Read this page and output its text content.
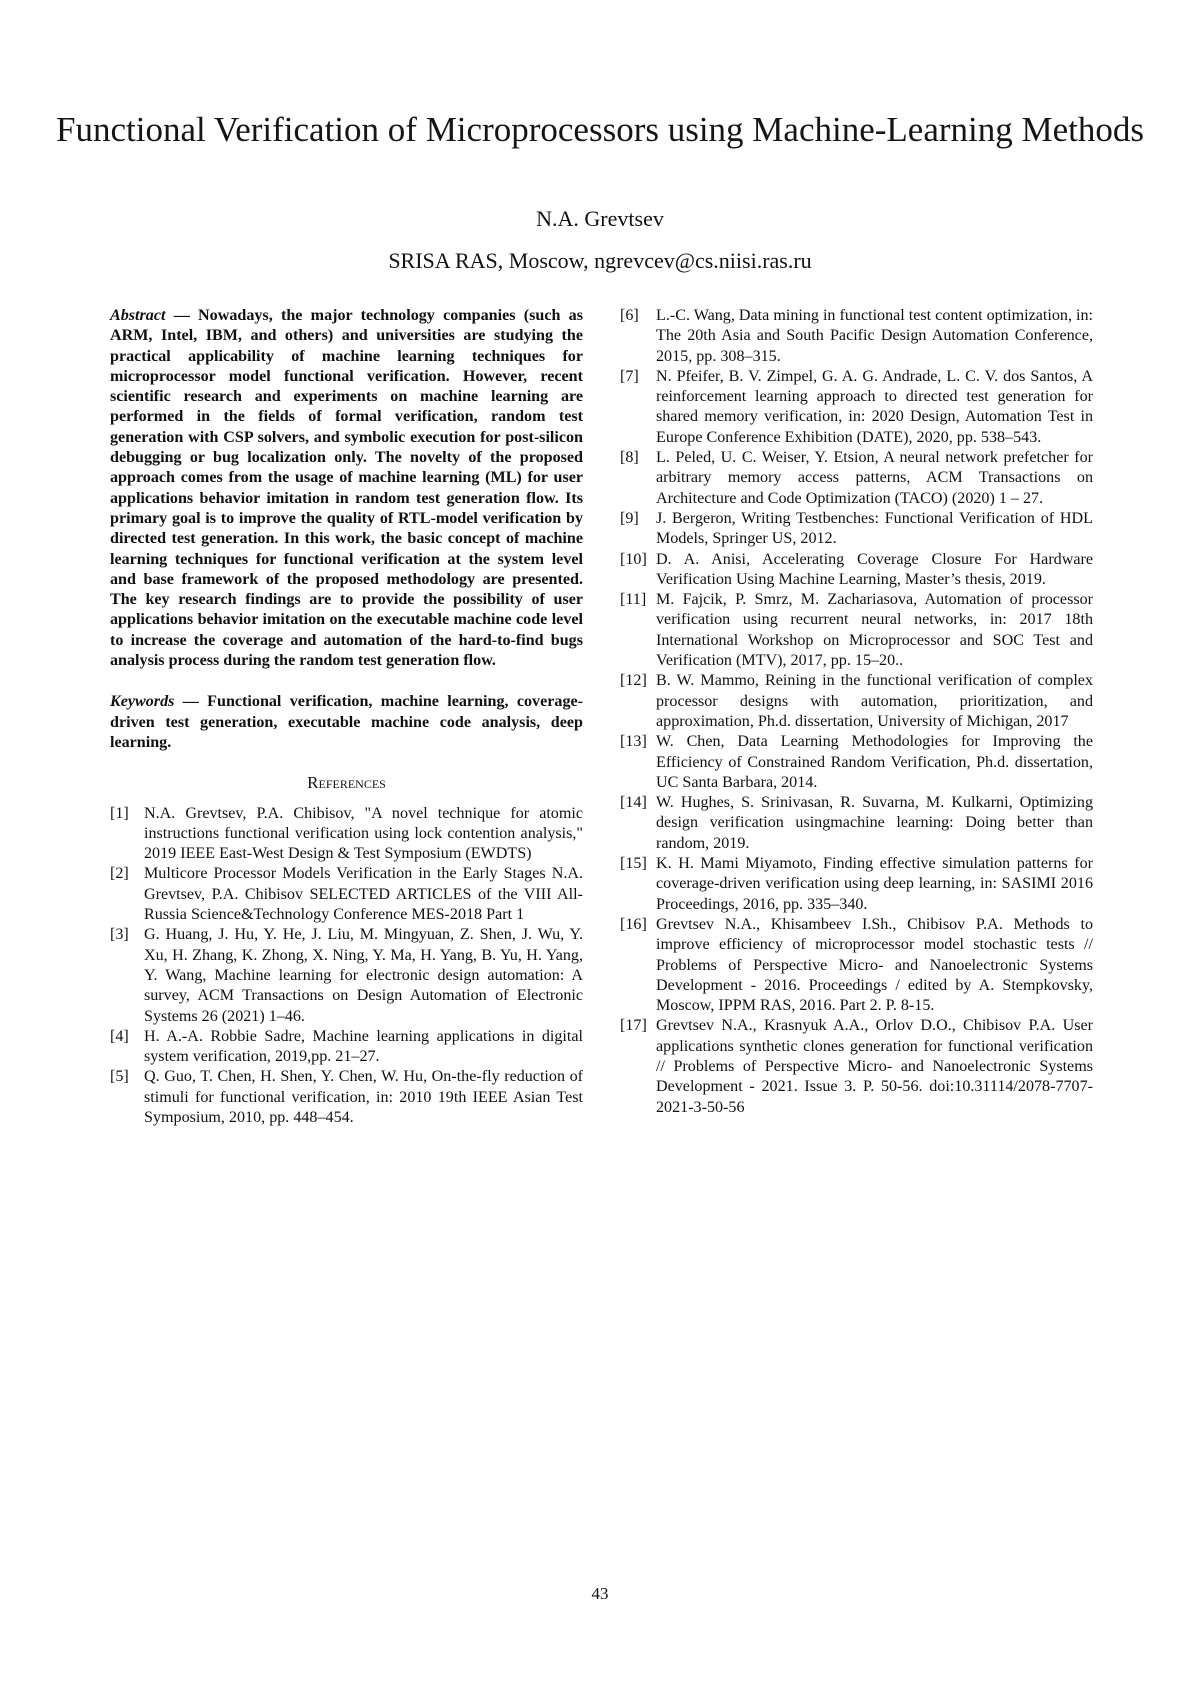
Functional Verification of Microprocessors using Machine-Learning Methods
N.A. Grevtsev
SRISA RAS, Moscow, ngrevcev@cs.niisi.ras.ru

Abstract — Nowadays, the major technology companies (such as ARM, Intel, IBM, and others) and universities are studying the practical applicability of machine learning techniques for microprocessor model functional verification. However, recent scientific research and experiments on machine learning are performed in the fields of formal verification, random test generation with CSP solvers, and symbolic execution for post-silicon debugging or bug localization only. The novelty of the proposed approach comes from the usage of machine learning (ML) for user applications behavior imitation in random test generation flow. Its primary goal is to improve the quality of RTL-model verification by directed test generation. In this work, the basic concept of machine learning techniques for functional verification at the system level and base framework of the proposed methodology are presented. The key research findings are to provide the possibility of user applications behavior imitation on the executable machine code level to increase the coverage and automation of the hard-to-find bugs analysis process during the random test generation flow.

Keywords — Functional verification, machine learning, coverage-driven test generation, executable machine code analysis, deep learning.

References
[1] N.A. Grevtsev, P.A. Chibisov, "A novel technique for atomic instructions functional verification using lock contention analysis," 2019 IEEE East-West Design & Test Symposium (EWDTS)
[2] Multicore Processor Models Verification in the Early Stages N.A. Grevtsev, P.A. Chibisov SELECTED ARTICLES of the VIII All-Russia Science&Technology Conference MES-2018 Part 1
[3] G. Huang, J. Hu, Y. He, J. Liu, M. Mingyuan, Z. Shen, J. Wu, Y. Xu, H. Zhang, K. Zhong, X. Ning, Y. Ma, H. Yang, B. Yu, H. Yang, Y. Wang, Machine learning for electronic design automation: A survey, ACM Transactions on Design Automation of Electronic Systems 26 (2021) 1–46.
[4] H. A.-A. Robbie Sadre, Machine learning applications in digital system verification, 2019,pp. 21–27.
[5] Q. Guo, T. Chen, H. Shen, Y. Chen, W. Hu, On-the-fly reduction of stimuli for functional verification, in: 2010 19th IEEE Asian Test Symposium, 2010, pp. 448–454.
[6]	L.-C. Wang, Data mining in functional test content optimization, in: The 20th Asia and South Pacific Design Automation Conference, 2015, pp. 308–315.
[7]	N. Pfeifer, B. V. Zimpel, G. A. G. Andrade, L. C. V. dos Santos, A reinforcement learning approach to directed test generation for shared memory verification, in: 2020 Design, Automation Test in Europe Conference Exhibition (DATE), 2020, pp. 538–543.
[8]	L. Peled, U. C. Weiser, Y. Etsion, A neural network prefetcher for arbitrary memory access patterns, ACM Transactions on Architecture and Code Optimization (TACO) (2020) 1 – 27.
[9]	J. Bergeron, Writing Testbenches: Functional Verification of HDL Models, Springer US, 2012.
[10] D. A. Anisi, Accelerating Coverage Closure For Hardware Verification Using Machine Learning, Master’s thesis, 2019.
[11] M. Fajcik, P. Smrz, M. Zachariasova, Automation of processor verification using recurrent neural networks, in: 2017 18th International Workshop on Microprocessor and SOC Test and Verification (MTV), 2017, pp. 15–20..
[12] B. W. Mammo, Reining in the functional verification of complex processor designs with automation, prioritization, and approximation, Ph.d. dissertation, University of Michigan, 2017
[13] W. Chen, Data Learning Methodologies for Improving the Efficiency of Constrained Random Verification, Ph.d. dissertation, UC Santa Barbara, 2014.
[14] W. Hughes, S. Srinivasan, R. Suvarna, M. Kulkarni, Optimizing design verification usingmachine learning: Doing better than random, 2019.
[15] K. H. Mami Miyamoto, Finding effective simulation patterns for coverage-driven verification using deep learning, in: SASIMI 2016 Proceedings, 2016, pp. 335–340.
[16] Grevtsev N.A., Khisambeev I.Sh., Chibisov P.A. Methods to improve efficiency of microprocessor model stochastic tests // Problems of Perspective Micro- and Nanoelectronic Systems Development - 2016. Proceedings / edited by A. Stempkovsky, Moscow, IPPM RAS, 2016. Part 2. P. 8-15.
[17] Grevtsev N.A., Krasnyuk A.A., Orlov D.O., Chibisov P.A. User applications synthetic clones generation for functional verification // Problems of Perspective Micro- and Nanoelectronic Systems Development - 2021. Issue 3. P. 50-56. doi:10.31114/2078-7707-2021-3-50-56
43
